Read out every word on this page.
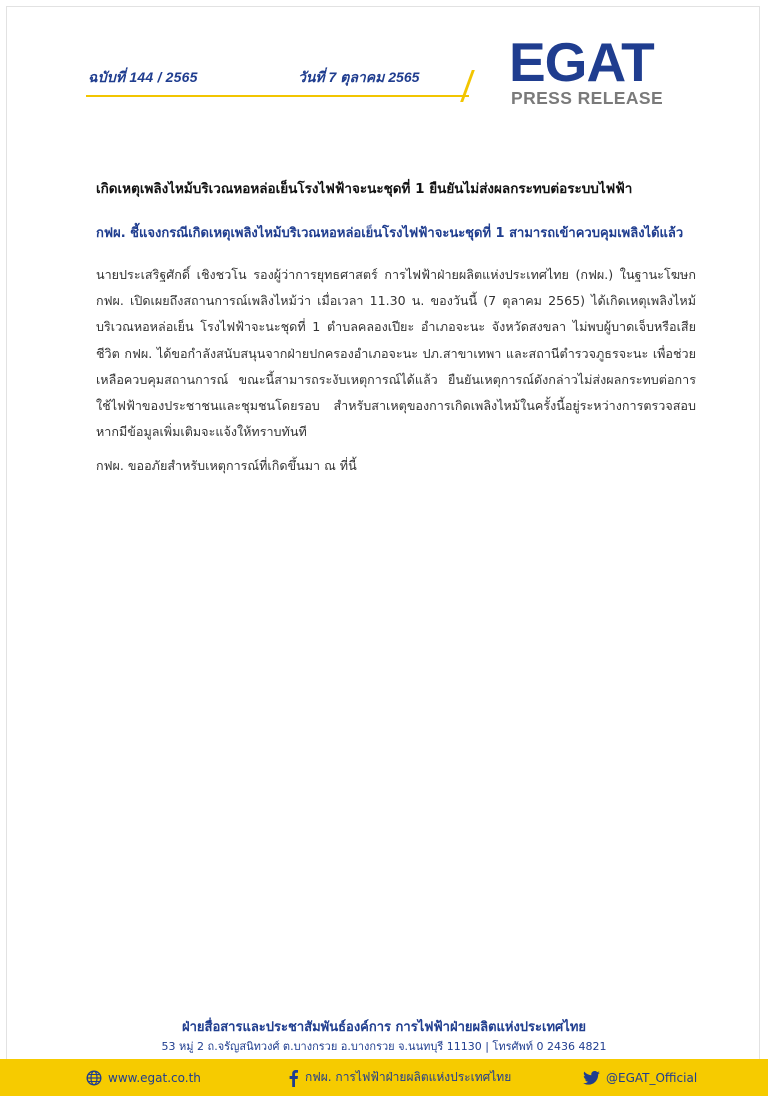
ฉบับที่ 144 / 2565	วันที่ 7 ตุลาคม 2565 EGAT
PRESS RELEASE
เกิดเหตุเพลิงไหม้บริเวณหอหล่อเย็นโรงไฟฟ้าจะนะชุดที่ 1 ยืนยันไม่ส่งผลกระทบต่อระบบไฟฟ้า
กฟผ. ชี้แจงกรณีเกิดเหตุเพลิงไหม้บริเวณหอหล่อเย็นโรงไฟฟ้าจะนะชุดที่ 1 สามารถเข้าควบคุมเพลิงได้แล้ว

นายประเสริฐศักดิ์ เชิงชวโน รองผู้ว่าการยุทธศาสตร์ การไฟฟ้าฝ่ายผลิตแห่งประเทศไทย (กฟผ.) ในฐานะโฆษก กฟผ. เปิดเผยถึงสถานการณ์เพลิงไหม้ว่า เมื่อเวลา 11.30 น. ของวันนี้ (7 ตุลาคม 2565) ได้เกิดเหตุเพลิงไหม้บริเวณหอหล่อเย็น โรงไฟฟ้าจะนะชุดที่ 1 ตำบลคลองเปียะ อำเภอจะนะ จังหวัดสงขลา ไม่พบผู้บาดเจ็บหรือเสียชีวิต กฟผ. ได้ขอกำลังสนับสนุนจากฝ่ายปกครองอำเภอจะนะ ปภ.สาขาเทพา และสถานีตำรวจภูธรจะนะ เพื่อช่วยเหลือควบคุมสถานการณ์ ขณะนี้สามารถระงับเหตุการณ์ได้แล้ว ยืนยันเหตุการณ์ดังกล่าวไม่ส่งผลกระทบต่อการใช้ไฟฟ้าของประชาชนและชุมชนโดยรอบ สำหรับสาเหตุของการเกิดเพลิงไหม้ในครั้งนี้อยู่ระหว่างการตรวจสอบ หากมีข้อมูลเพิ่มเติมจะแจ้งให้ทราบทันที

กฟผ. ขออภัยสำหรับเหตุการณ์ที่เกิดขึ้นมา ณ ที่นี้

ฝ่ายสื่อสารและประชาสัมพันธ์องค์การ การไฟฟ้าฝ่ายผลิตแห่งประเทศไทย
53 หมู่ 2 ถ.จรัญสนิทวงศ์ ต.บางกรวย อ.บางกรวย จ.นนทบุรี 11130 | โทรศัพท์ 0 2436 4821
www.egat.co.th	กฟผ. การไฟฟ้าฝ่ายผลิตแห่งประเทศไทย	@EGAT_Official
